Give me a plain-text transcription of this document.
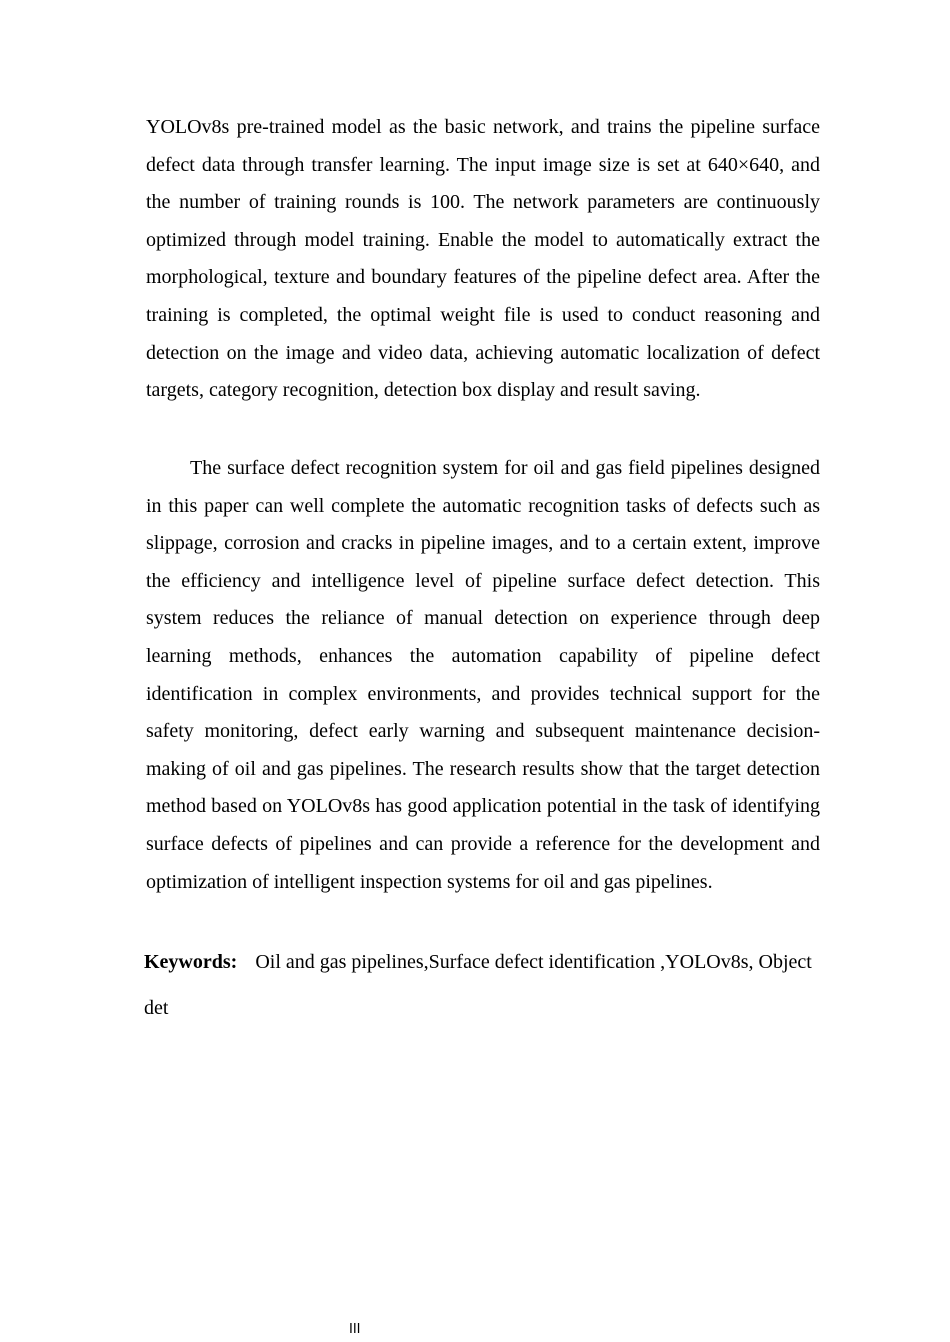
YOLOv8s pre-trained model as the basic network, and trains the pipeline surface defect data through transfer learning. The input image size is set at 640×640, and the number of training rounds is 100. The network parameters are continuously optimized through model training. Enable the model to automatically extract the morphological, texture and boundary features of the pipeline defect area. After the training is completed, the optimal weight file is used to conduct reasoning and detection on the image and video data, achieving automatic localization of defect targets, category recognition, detection box display and result saving.

The surface defect recognition system for oil and gas field pipelines designed in this paper can well complete the automatic recognition tasks of defects such as slippage, corrosion and cracks in pipeline images, and to a certain extent, improve the efficiency and intelligence level of pipeline surface defect detection. This system reduces the reliance of manual detection on experience through deep learning methods, enhances the automation capability of pipeline defect identification in complex environments, and provides technical support for the safety monitoring, defect early warning and subsequent maintenance decision-making of oil and gas pipelines. The research results show that the target detection method based on YOLOv8s has good application potential in the task of identifying surface defects of pipelines and can provide a reference for the development and optimization of intelligent inspection systems for oil and gas pipelines.

Keywords: Oil and gas pipelines,Surface defect identification ,YOLOv8s, Object det

III
